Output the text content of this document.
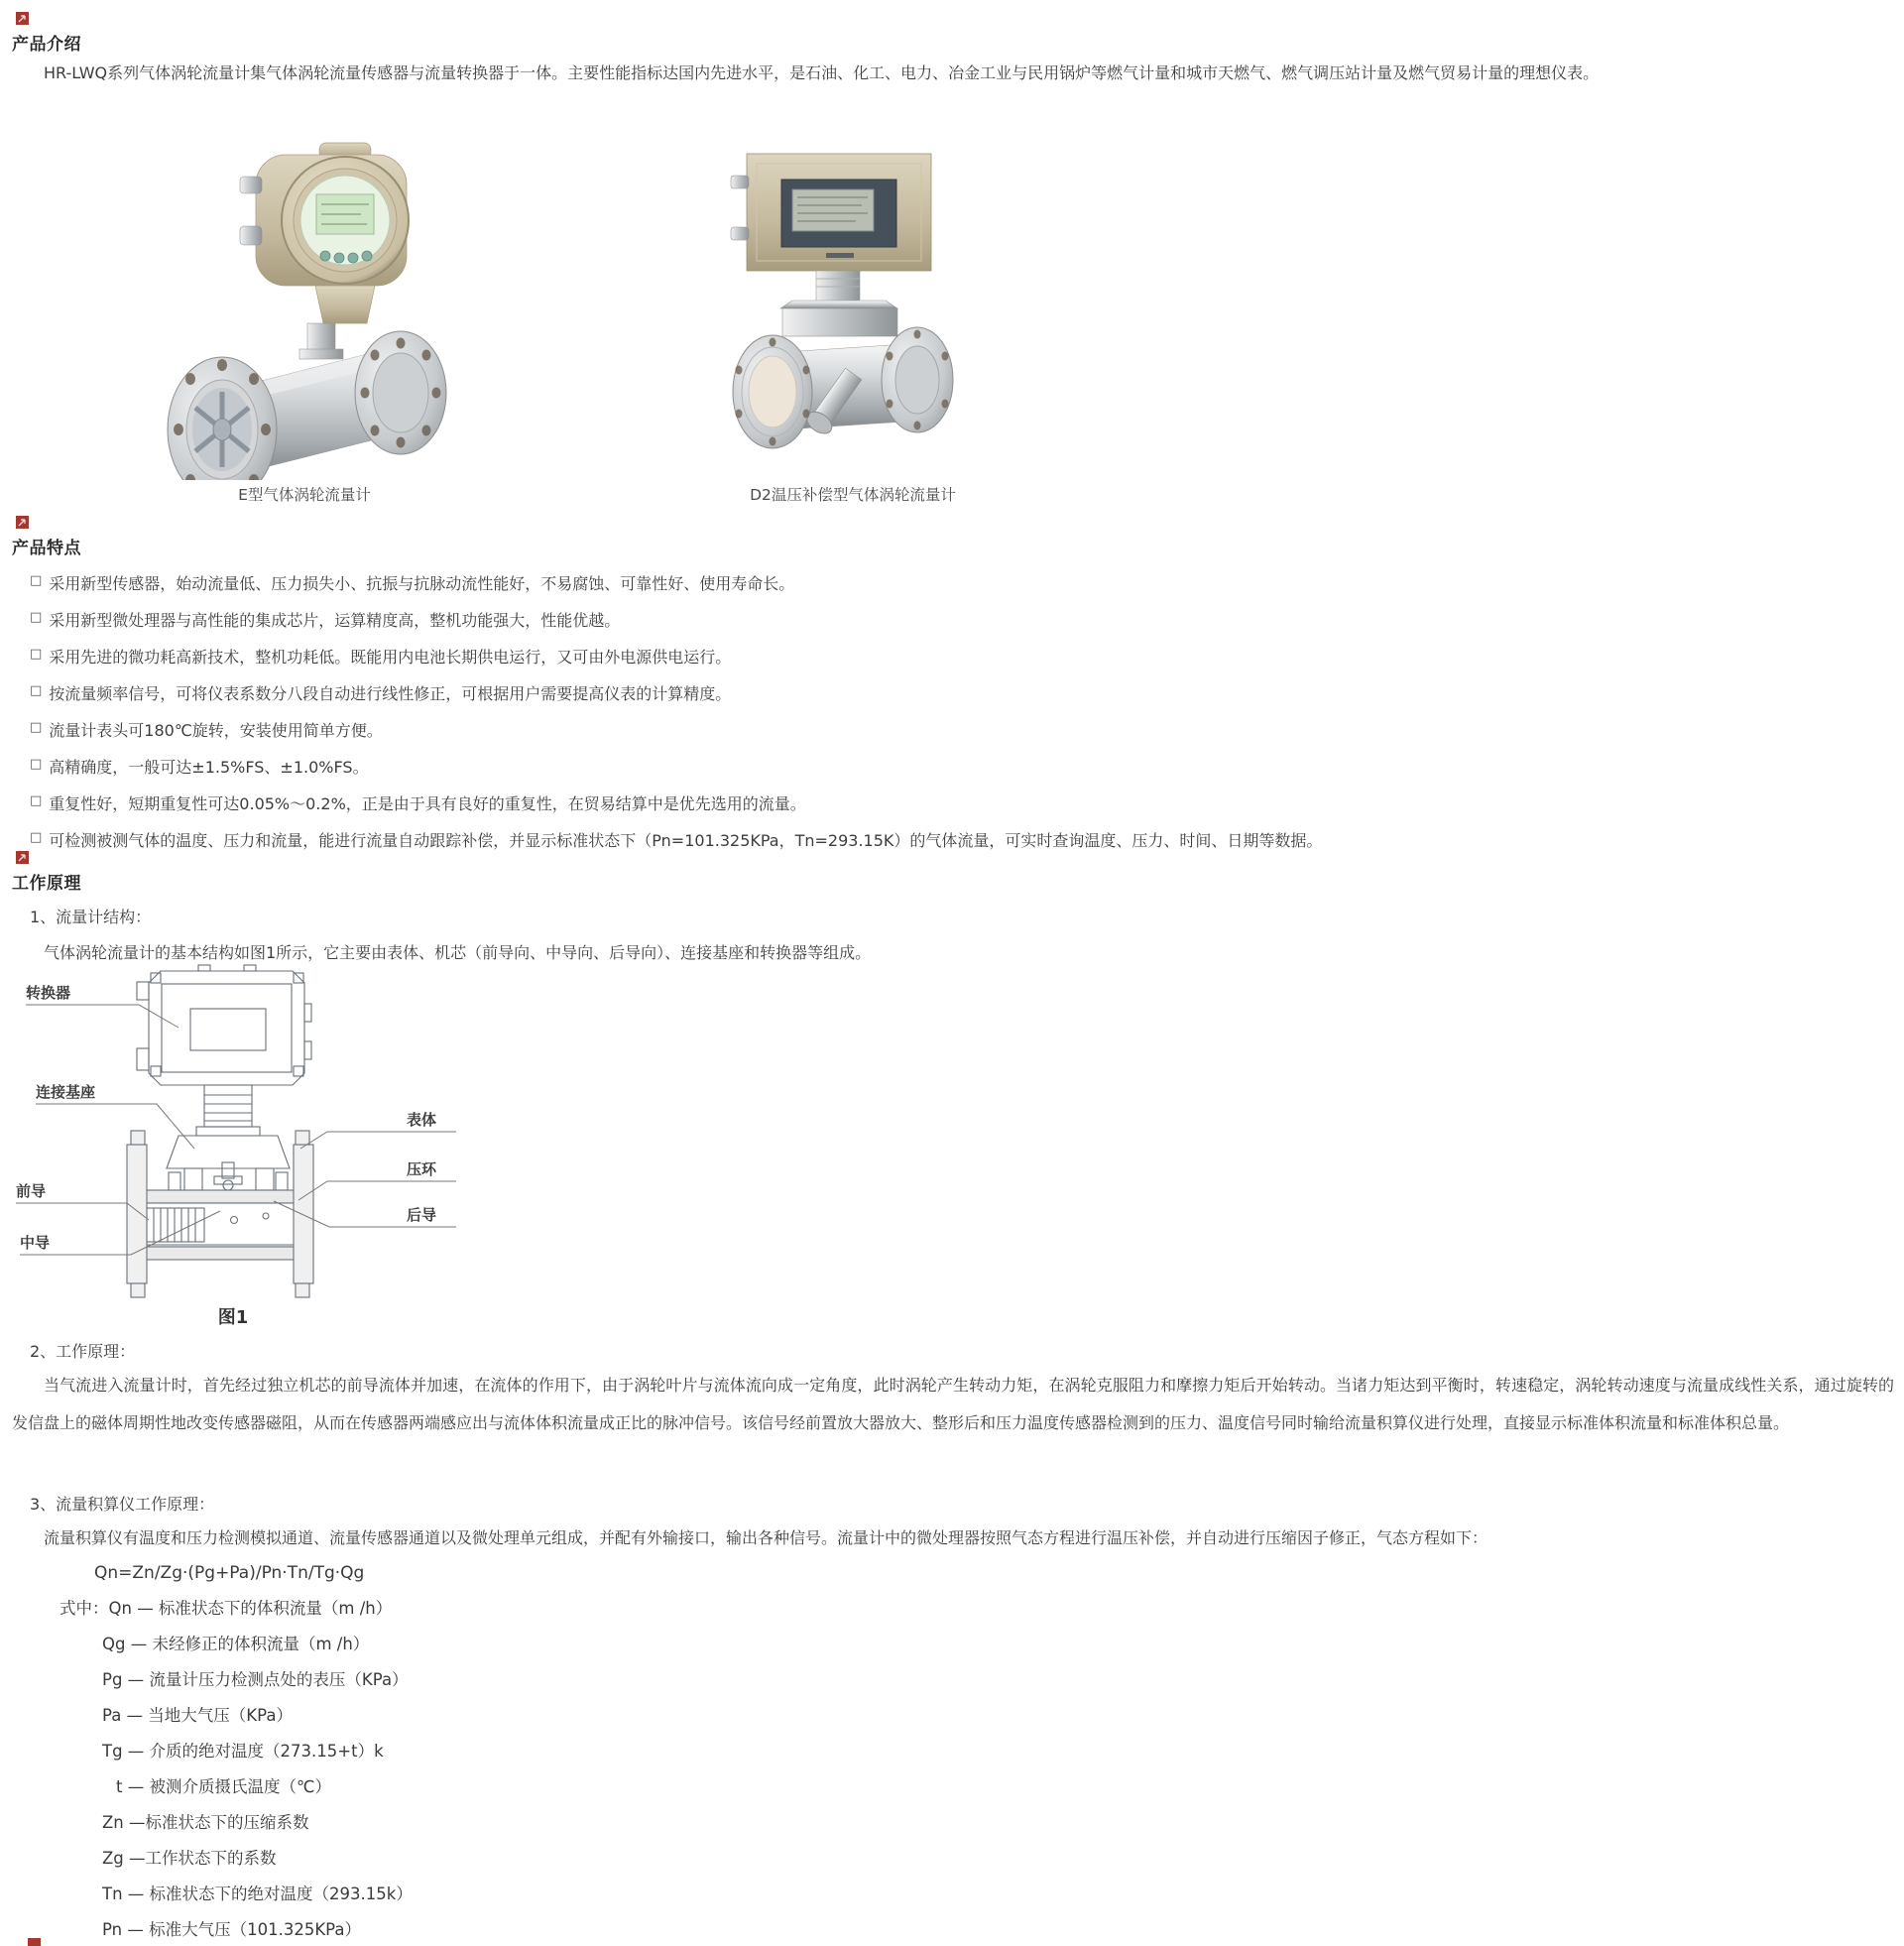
产品介绍
HR-LWQ系列气体涡轮流量计集气体涡轮流量传感器与流量转换器于一体。主要性能指标达国内先进水平，是石油、化工、电力、冶金工业与民用锅炉等燃气计量和城市天燃气、燃气调压站计量及燃气贸易计量的理想仪表。
E型气体涡轮流量计	D2温压补偿型气体涡轮流量计
产品特点
□ 采用新型传感器，始动流量低、压力损失小、抗振与抗脉动流性能好，不易腐蚀、可靠性好、使用寿命长。
□ 采用新型微处理器与高性能的集成芯片，运算精度高，整机功能强大，性能优越。
□ 采用先进的微功耗高新技术，整机功耗低。既能用内电池长期供电运行，又可由外电源供电运行。
□ 按流量频率信号，可将仪表系数分八段自动进行线性修正，可根据用户需要提高仪表的计算精度。
□ 流量计表头可180℃旋转，安装使用简单方便。
□ 高精确度，一般可达±1.5%FS、±1.0%FS。
□ 重复性好，短期重复性可达0.05%～0.2%，正是由于具有良好的重复性，在贸易结算中是优先选用的流量。
□ 可检测被测气体的温度、压力和流量，能进行流量自动跟踪补偿，并显示标准状态下（Pn=101.325KPa，Tn=293.15K）的气体流量，可实时查询温度、压力、时间、日期等数据。
工作原理
1、流量计结构：
气体涡轮流量计的基本结构如图1所示，它主要由表体、机芯（前导向、中导向、后导向）、连接基座和转换器等组成。
转换器
连接基座
表体
压环
前导
中导
后导
图1
2、工作原理：
当气流进入流量计时，首先经过独立机芯的前导流体并加速，在流体的作用下，由于涡轮叶片与流体流向成一定角度，此时涡轮产生转动力矩，在涡轮克服阻力和摩擦力矩后开始转动。当诸力矩达到平衡时，转速稳定，涡轮转动速度与流量成线性关系，通过旋转的发信盘上的磁体周期性地改变传感器磁阻，从而在传感器两端感应出与流体体积流量成正比的脉冲信号。该信号经前置放大器放大、整形后和压力温度传感器检测到的压力、温度信号同时输给流量积算仪进行处理，直接显示标准体积流量和标准体积总量。
3、流量积算仪工作原理：
流量积算仪有温度和压力检测模拟通道、流量传感器通道以及微处理单元组成，并配有外输接口，输出各种信号。流量计中的微处理器按照气态方程进行温压补偿，并自动进行压缩因子修正，气态方程如下：
Qn=Zn/Zg·(Pg+Pa)/Pn·Tn/Tg·Qg
式中：Qn — 标准状态下的体积流量（m /h）
Qg — 未经修正的体积流量（m /h）
Pg — 流量计压力检测点处的表压（KPa）
Pa — 当地大气压（KPa）
Tg — 介质的绝对温度（273.15+t）k
t — 被测介质摄氏温度（℃）
Zn —标准状态下的压缩系数
Zg —工作状态下的系数
Tn — 标准状态下的绝对温度（293.15k）
Pn — 标准大气压（101.325KPa）
